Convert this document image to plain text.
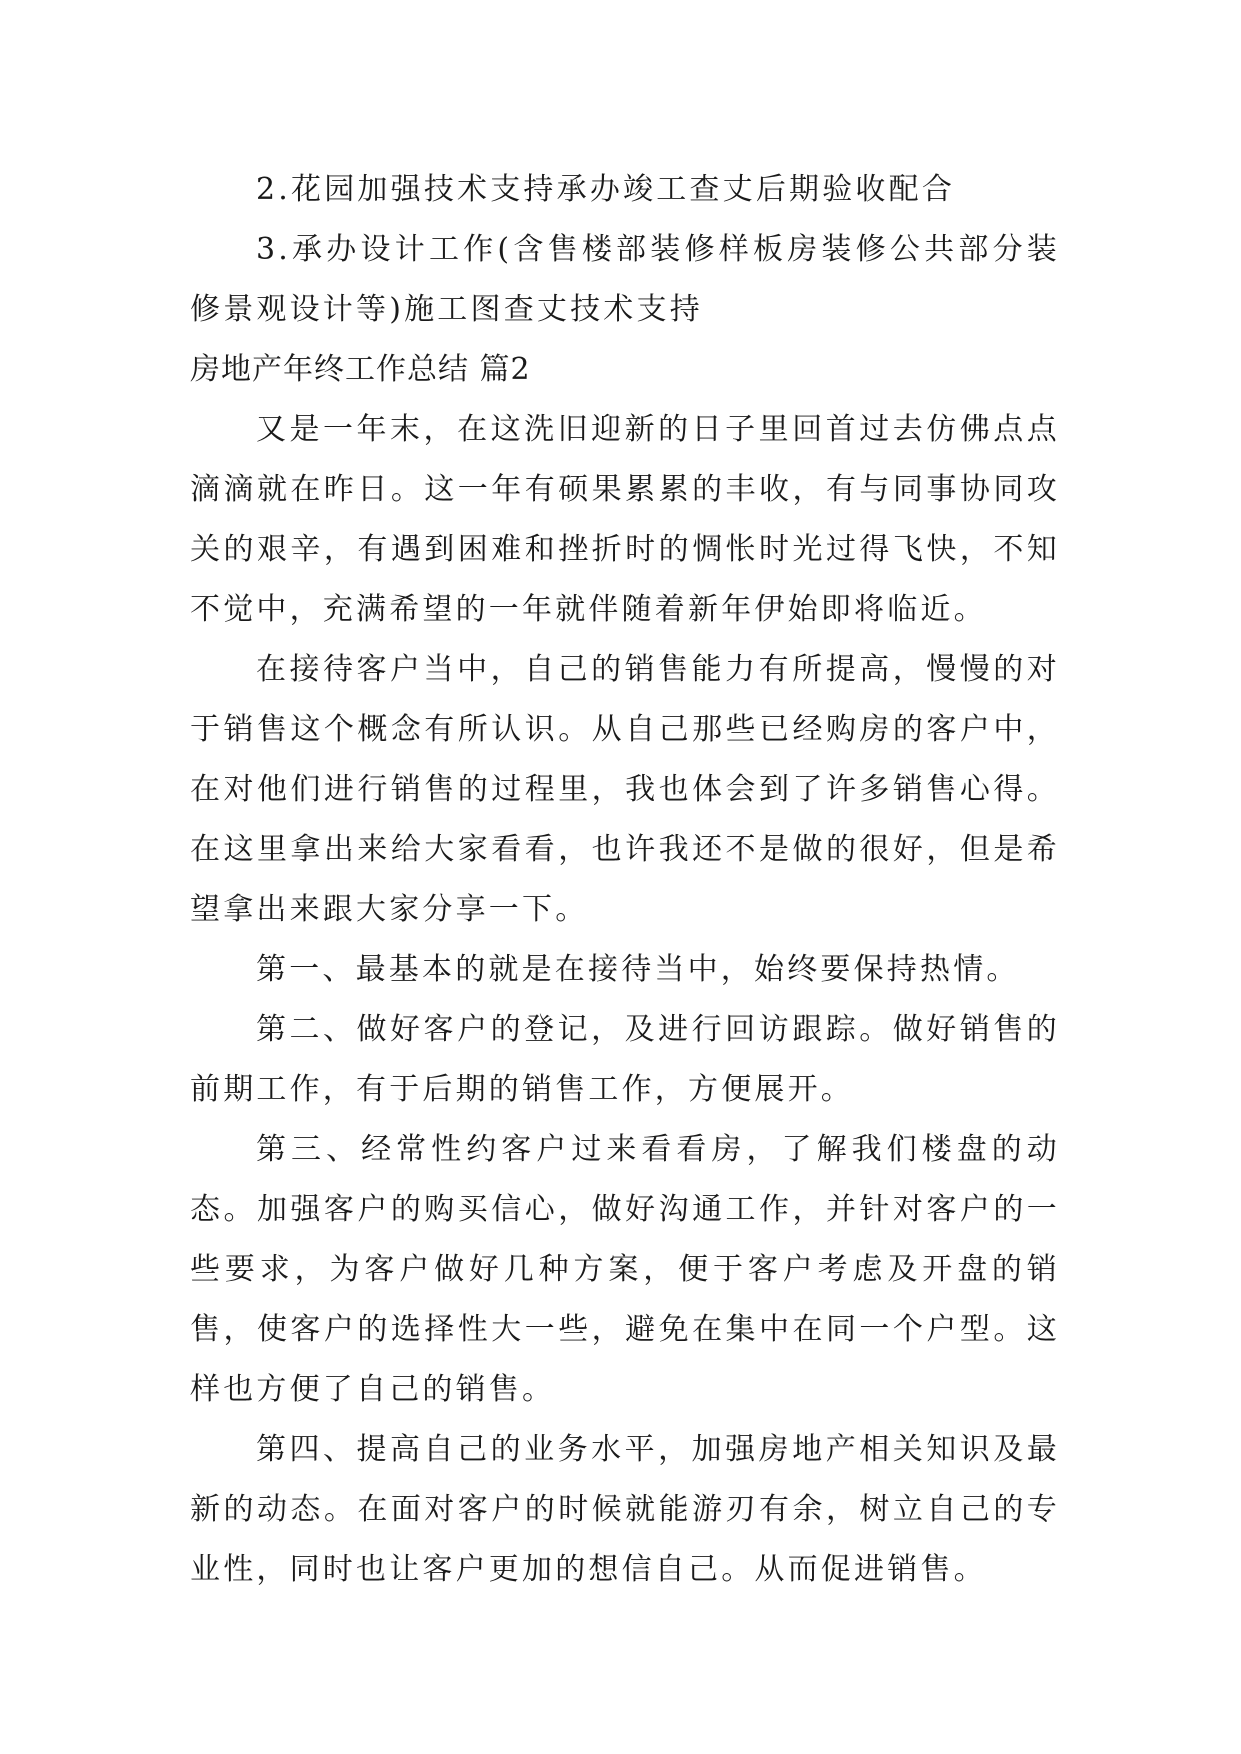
2.花园加强技术支持承办竣工查丈后期验收配合

3.承办设计工作(含售楼部装修样板房装修公共部分装修景观设计等)施工图查丈技术支持

房地产年终工作总结 篇2

又是一年末，在这洗旧迎新的日子里回首过去仿佛点点滴滴就在昨日。这一年有硕果累累的丰收，有与同事协同攻关的艰辛，有遇到困难和挫折时的惆怅时光过得飞快，不知不觉中，充满希望的一年就伴随着新年伊始即将临近。

在接待客户当中，自己的销售能力有所提高，慢慢的对于销售这个概念有所认识。从自己那些已经购房的客户中，在对他们进行销售的过程里，我也体会到了许多销售心得。在这里拿出来给大家看看，也许我还不是做的很好，但是希望拿出来跟大家分享一下。

第一、最基本的就是在接待当中，始终要保持热情。

第二、做好客户的登记，及进行回访跟踪。做好销售的前期工作，有于后期的销售工作，方便展开。

第三、经常性约客户过来看看房，了解我们楼盘的动态。加强客户的购买信心，做好沟通工作，并针对客户的一些要求，为客户做好几种方案，便于客户考虑及开盘的销售，使客户的选择性大一些，避免在集中在同一个户型。这样也方便了自己的销售。

第四、提高自己的业务水平，加强房地产相关知识及最新的动态。在面对客户的时候就能游刃有余，树立自己的专业性，同时也让客户更加的想信自己。从而促进销售。
